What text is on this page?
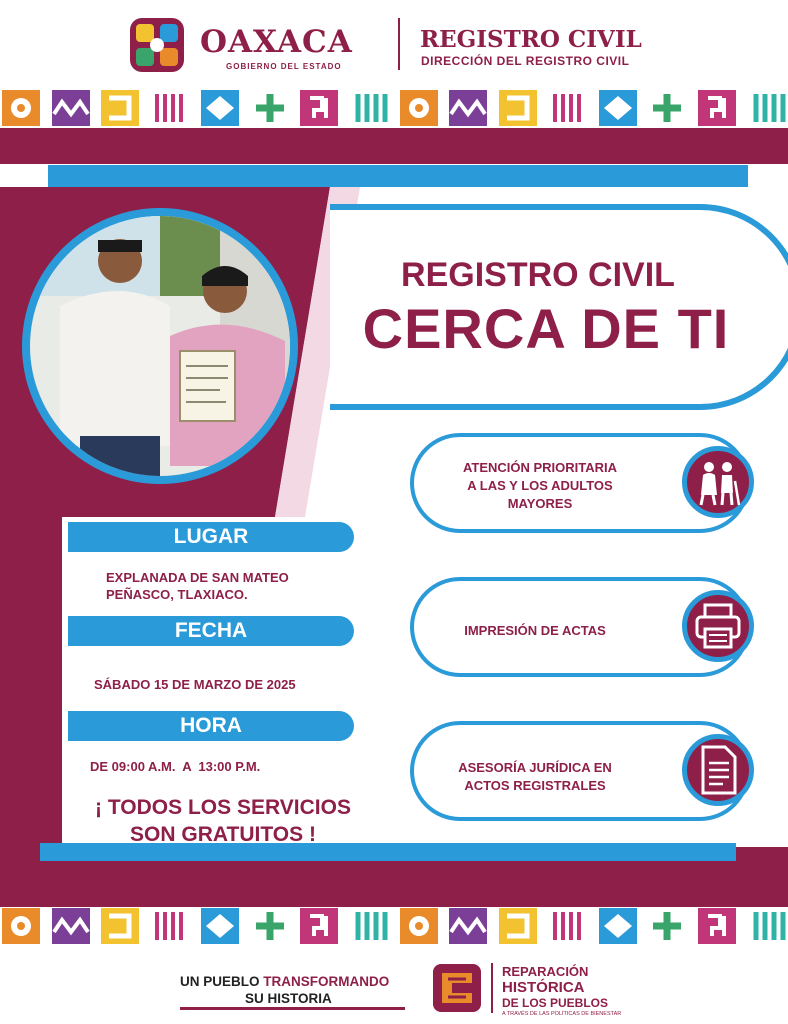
OAXACA
GOBIERNO DEL ESTADO
REGISTRO CIVIL
DIRECCIÓN DEL REGISTRO CIVIL
REGISTRO CIVIL
CERCA DE TI
LUGAR
EXPLANADA DE SAN MATEO
PEÑASCO, TLAXIACO.
FECHA
SÁBADO 15 DE MARZO DE 2025
HORA
DE 09:00 A.M.  A  13:00 P.M.
¡ TODOS LOS SERVICIOS
SON GRATUITOS !
ATENCIÓN PRIORITARIA
A LAS Y LOS ADULTOS
MAYORES
IMPRESIÓN DE ACTAS
ASESORÍA JURÍDICA EN
ACTOS REGISTRALES
UN PUEBLO TRANSFORMANDO
SU HISTORIA
REPARACIÓN
HISTÓRICA
DE LOS PUEBLOS
A TRAVÉS DE LAS POLÍTICAS DE BIENESTAR
